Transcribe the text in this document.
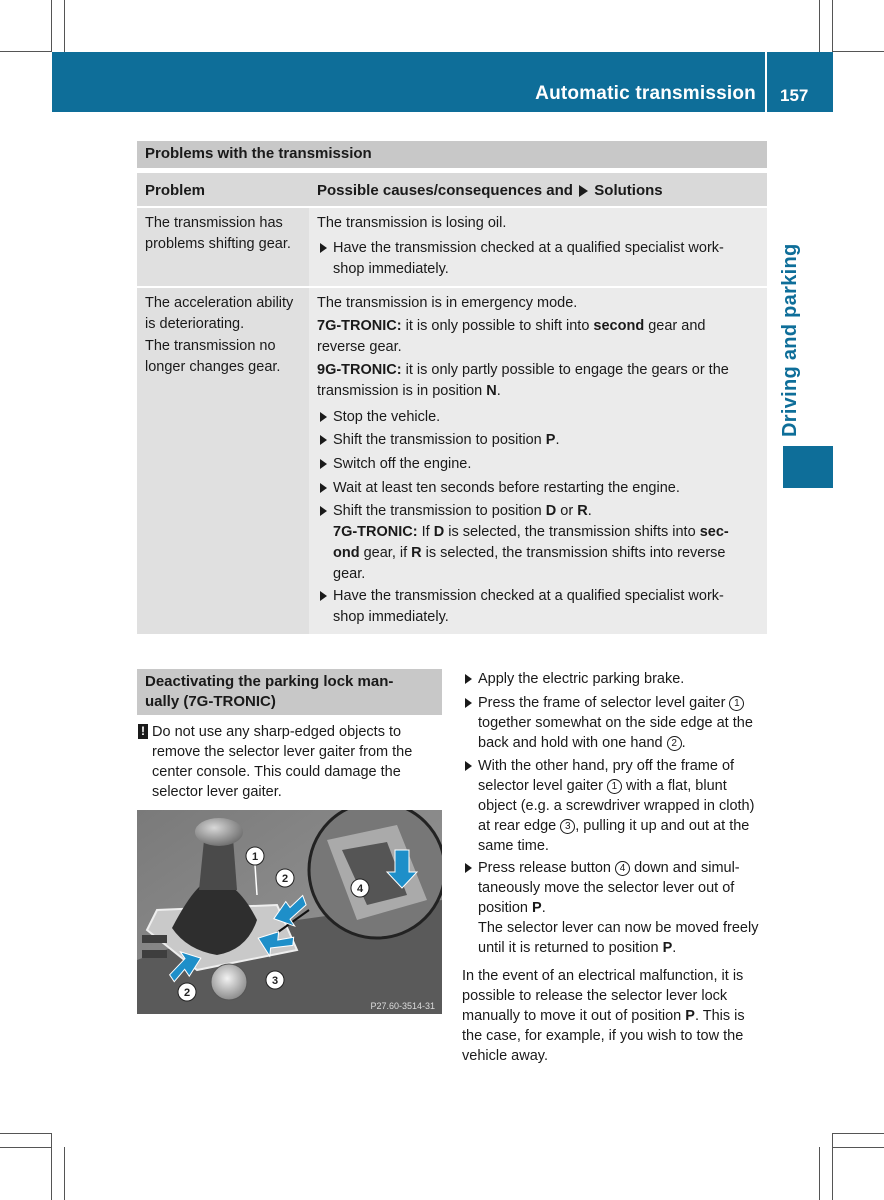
Automatic transmission 157
Driving and parking
Problems with the transmission
Problem	Possible causes/consequences and Solutions
The transmission has
problems shifting gear.
The transmission is losing oil.
Have the transmission checked at a qualified specialist work-
shop immediately.
The acceleration ability
is deteriorating.
The transmission no
longer changes gear.
The transmission is in emergency mode.
7G-TRONIC: it is only possible to shift into second gear and
reverse gear.
9G-TRONIC: it is only partly possible to engage the gears or the
transmission is in position N.
Stop the vehicle.
Shift the transmission to position P.
Switch off the engine.
Wait at least ten seconds before restarting the engine.
Shift the transmission to position D or R.
7G-TRONIC: If D is selected, the transmission shifts into sec-
ond gear, if R is selected, the transmission shifts into reverse
gear.
Have the transmission checked at a qualified specialist work-
shop immediately.
Deactivating the parking lock man-
ually (7G-TRONIC)
! Do not use any sharp-edged objects to
remove the selector lever gaiter from the
center console. This could damage the
selector lever gaiter.
1
2
2
3
4
P27.60-3514-31
Apply the electric parking brake.
Press the frame of selector level gaiter 1
together somewhat on the side edge at the
back and hold with one hand 2 .
With the other hand, pry off the frame of
selector level gaiter 1 with a flat, blunt
object (e.g. a screwdriver wrapped in cloth)
at rear edge 3 , pulling it up and out at the
same time.
Press release button 4 down and simul-
taneously move the selector lever out of
position P.
The selector lever can now be moved freely
until it is returned to position P.
In the event of an electrical malfunction, it is
possible to release the selector lever lock
manually to move it out of position P. This is
the case, for example, if you wish to tow the
vehicle away.
